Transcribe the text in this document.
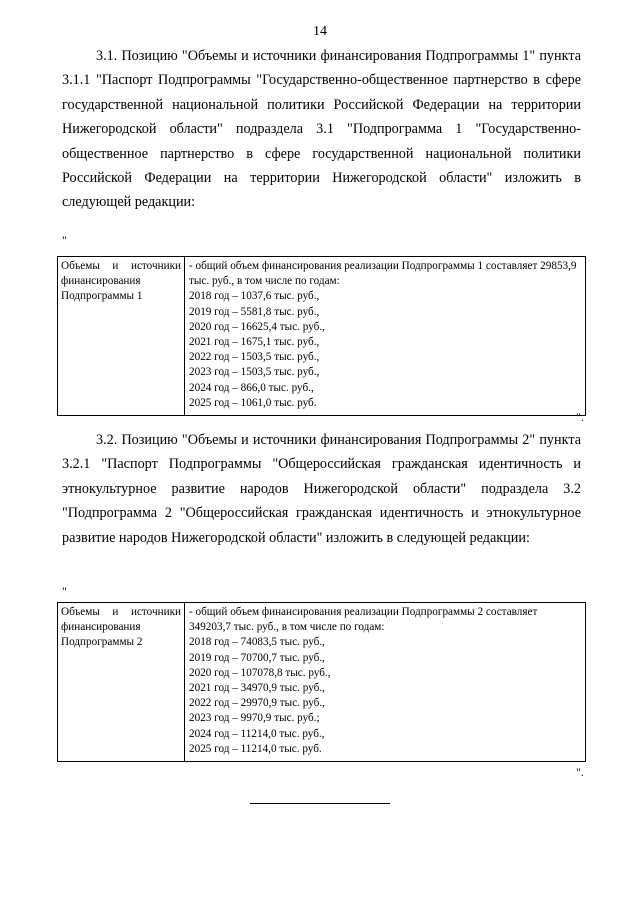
14
3.1. Позицию "Объемы и источники финансирования Подпрограммы 1" пункта 3.1.1 "Паспорт Подпрограммы "Государственно-общественное партнерство в сфере государственной национальной политики Российской Федерации на территории Нижегородской области" подраздела 3.1 "Подпрограмма 1 "Государственно-общественное партнерство в сфере государственной национальной политики Российской Федерации на территории Нижегородской области" изложить в следующей редакции:
"
Объемы и источники финансирования Подпрограммы 1	
- общий объем финансирования реализации Подпрограммы 1 составляет 29853,9 тыс. руб., в том числе по годам:
2018 год – 1037,6 тыс. руб.,
2019 год – 5581,8 тыс. руб.,
2020 год – 16625,4 тыс. руб.,
2021 год – 1675,1 тыс. руб.,
2022 год – 1503,5 тыс. руб.,
2023 год – 1503,5 тыс. руб.,
2024 год – 866,0 тыс. руб.,
2025 год – 1061,0 тыс. руб.
".
3.2. Позицию "Объемы и источники финансирования Подпрограммы 2" пункта 3.2.1 "Паспорт Подпрограммы "Общероссийская гражданская идентичность и этнокультурное развитие народов Нижегородской области" подраздела 3.2 "Подпрограмма 2 "Общероссийская гражданская идентичность и этнокультурное развитие народов Нижегородской области" изложить в следующей редакции:
"
Объемы и источники финансирования Подпрограммы 2	
- общий объем финансирования реализации Подпрограммы 2 составляет 349203,7 тыс. руб., в том числе по годам:
2018 год – 74083,5 тыс. руб.,
2019 год – 70700,7 тыс. руб.,
2020 год – 107078,8 тыс. руб.,
2021 год – 34970,9 тыс. руб.,
2022 год – 29970,9 тыс. руб.,
2023 год – 9970,9 тыс. руб.;
2024 год – 11214,0 тыс. руб.,
2025 год – 11214,0 тыс. руб.
".
